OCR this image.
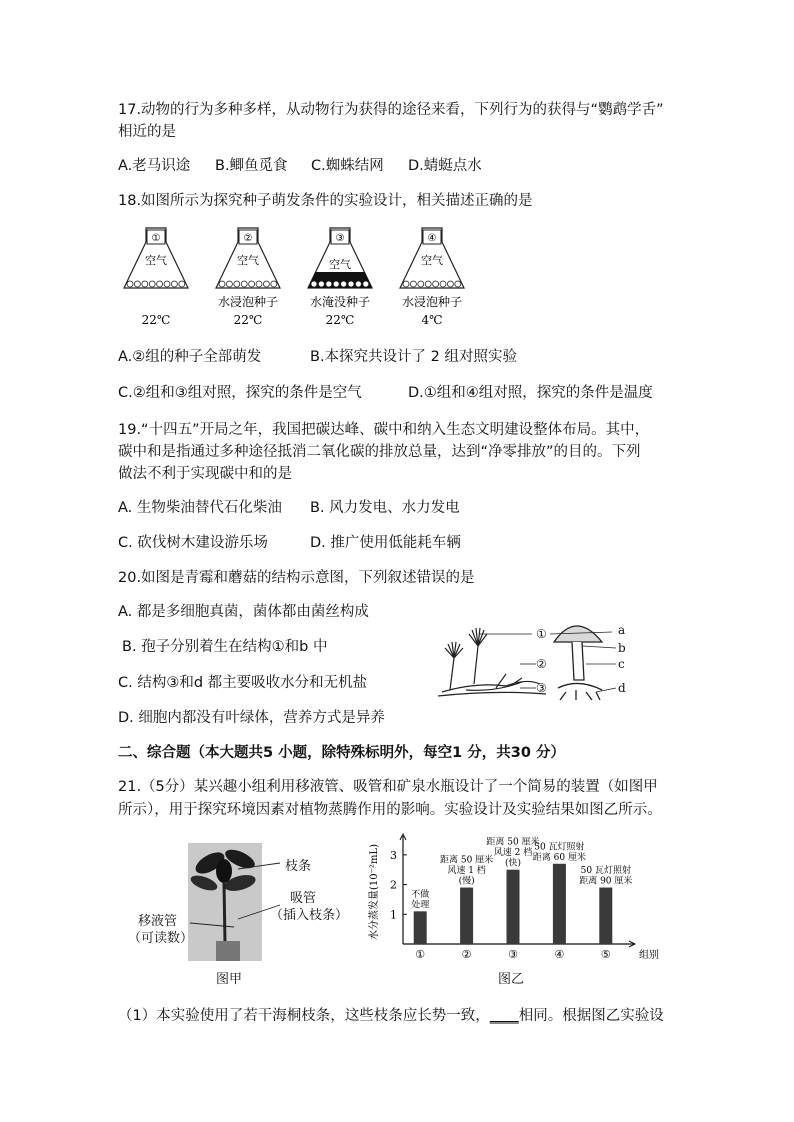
17.动物的行为多种多样，从动物行为获得的途径来看，下列行为的获得与“鹦鹉学舌”
相近的是
A.老马识途 B.鲫鱼觅食 C.蜘蛛结网 D.蜻蜓点水
18.如图所示为探究种子萌发条件的实验设计，相关描述正确的是
①
空气
22℃
②
空气
水浸泡种子
22℃
③
空气
水淹没种子
22℃
④
空气
水浸泡种子
4℃
A.②组的种子全部萌发	B.本探究共设计了 2 组对照实验
C.②组和③组对照，探究的条件是空气	D.①组和④组对照，探究的条件是温度
19.“十四五”开局之年，我国把碳达峰、碳中和纳入生态文明建设整体布局。其中，
碳中和是指通过多种途径抵消二氧化碳的排放总量，达到“净零排放”的目的。下列
做法不利于实现碳中和的是
A. 生物柴油替代石化柴油 B. 风力发电、水力发电
C. 砍伐树木建设游乐场	D. 推广使用低能耗车辆
20.如图是青霉和蘑菇的结构示意图，下列叙述错误的是
A. 都是多细胞真菌，菌体都由菌丝构成
B. 孢子分别着生在结构①和b 中
C. 结构③和d 都主要吸收水分和无机盐
D. 细胞内都没有叶绿体，营养方式是异养
①	a
b
②	c
③	d
二、综合题（本大题共5 小题，除特殊标明外，每空1 分，共30 分）
21.（5分）某兴趣小组利用移液管、吸管和矿泉水瓶设计了一个简易的装置（如图甲
所示），用于探究环境因素对植物蒸腾作用的影响。实验设计及实验结果如图乙所示。
枝条
吸管
（插入枝条）
移液管
（可读数）
图甲
1
2
3
水分蒸发量(10⁻²mL)
组别
①
不做
处理
②
距离 50 厘米
风速 1 档
(慢)
③
距离 50 厘米
风速 2 档
(快)
④
50 瓦灯照射
距离 60 厘米
⑤
50 瓦灯照射
距离 90 厘米
图乙
（1）本实验使用了若干海桐枝条，这些枝条应长势一致，____相同。根据图乙实验设
